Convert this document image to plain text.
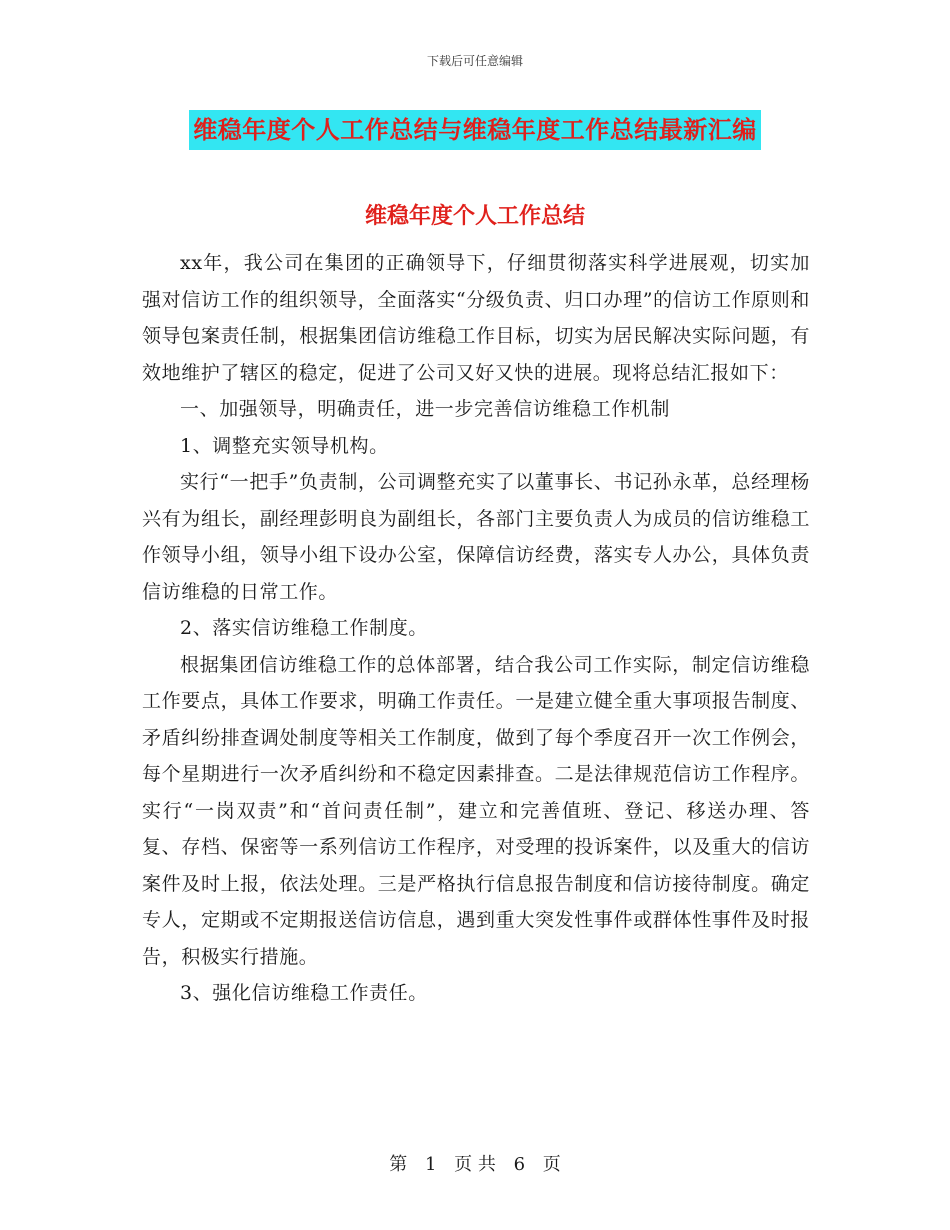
下载后可任意编辑
维稳年度个人工作总结与维稳年度工作总结最新汇编
维稳年度个人工作总结

xx年，我公司在集团的正确领导下，仔细贯彻落实科学进展观，切实加强对信访工作的组织领导，全面落实“分级负责、归口办理”的信访工作原则和领导包案责任制，根据集团信访维稳工作目标，切实为居民解决实际问题，有效地维护了辖区的稳定，促进了公司又好又快的进展。现将总结汇报如下：

一、加强领导，明确责任，进一步完善信访维稳工作机制

1、调整充实领导机构。

实行“一把手”负责制，公司调整充实了以董事长、书记孙永革，总经理杨兴有为组长，副经理彭明良为副组长，各部门主要负责人为成员的信访维稳工作领导小组，领导小组下设办公室，保障信访经费，落实专人办公，具体负责信访维稳的日常工作。

2、落实信访维稳工作制度。

根据集团信访维稳工作的总体部署，结合我公司工作实际，制定信访维稳工作要点，具体工作要求，明确工作责任。一是建立健全重大事项报告制度、矛盾纠纷排查调处制度等相关工作制度，做到了每个季度召开一次工作例会，每个星期进行一次矛盾纠纷和不稳定因素排查。二是法律规范信访工作程序。实行“一岗双责”和“首问责任制”，建立和完善值班、登记、移送办理、答复、存档、保密等一系列信访工作程序，对受理的投诉案件，以及重大的信访案件及时上报，依法处理。三是严格执行信息报告制度和信访接待制度。确定专人，定期或不定期报送信访信息，遇到重大突发性事件或群体性事件及时报告，积极实行措施。

3、强化信访维稳工作责任。

第 1 页 共 6 页
